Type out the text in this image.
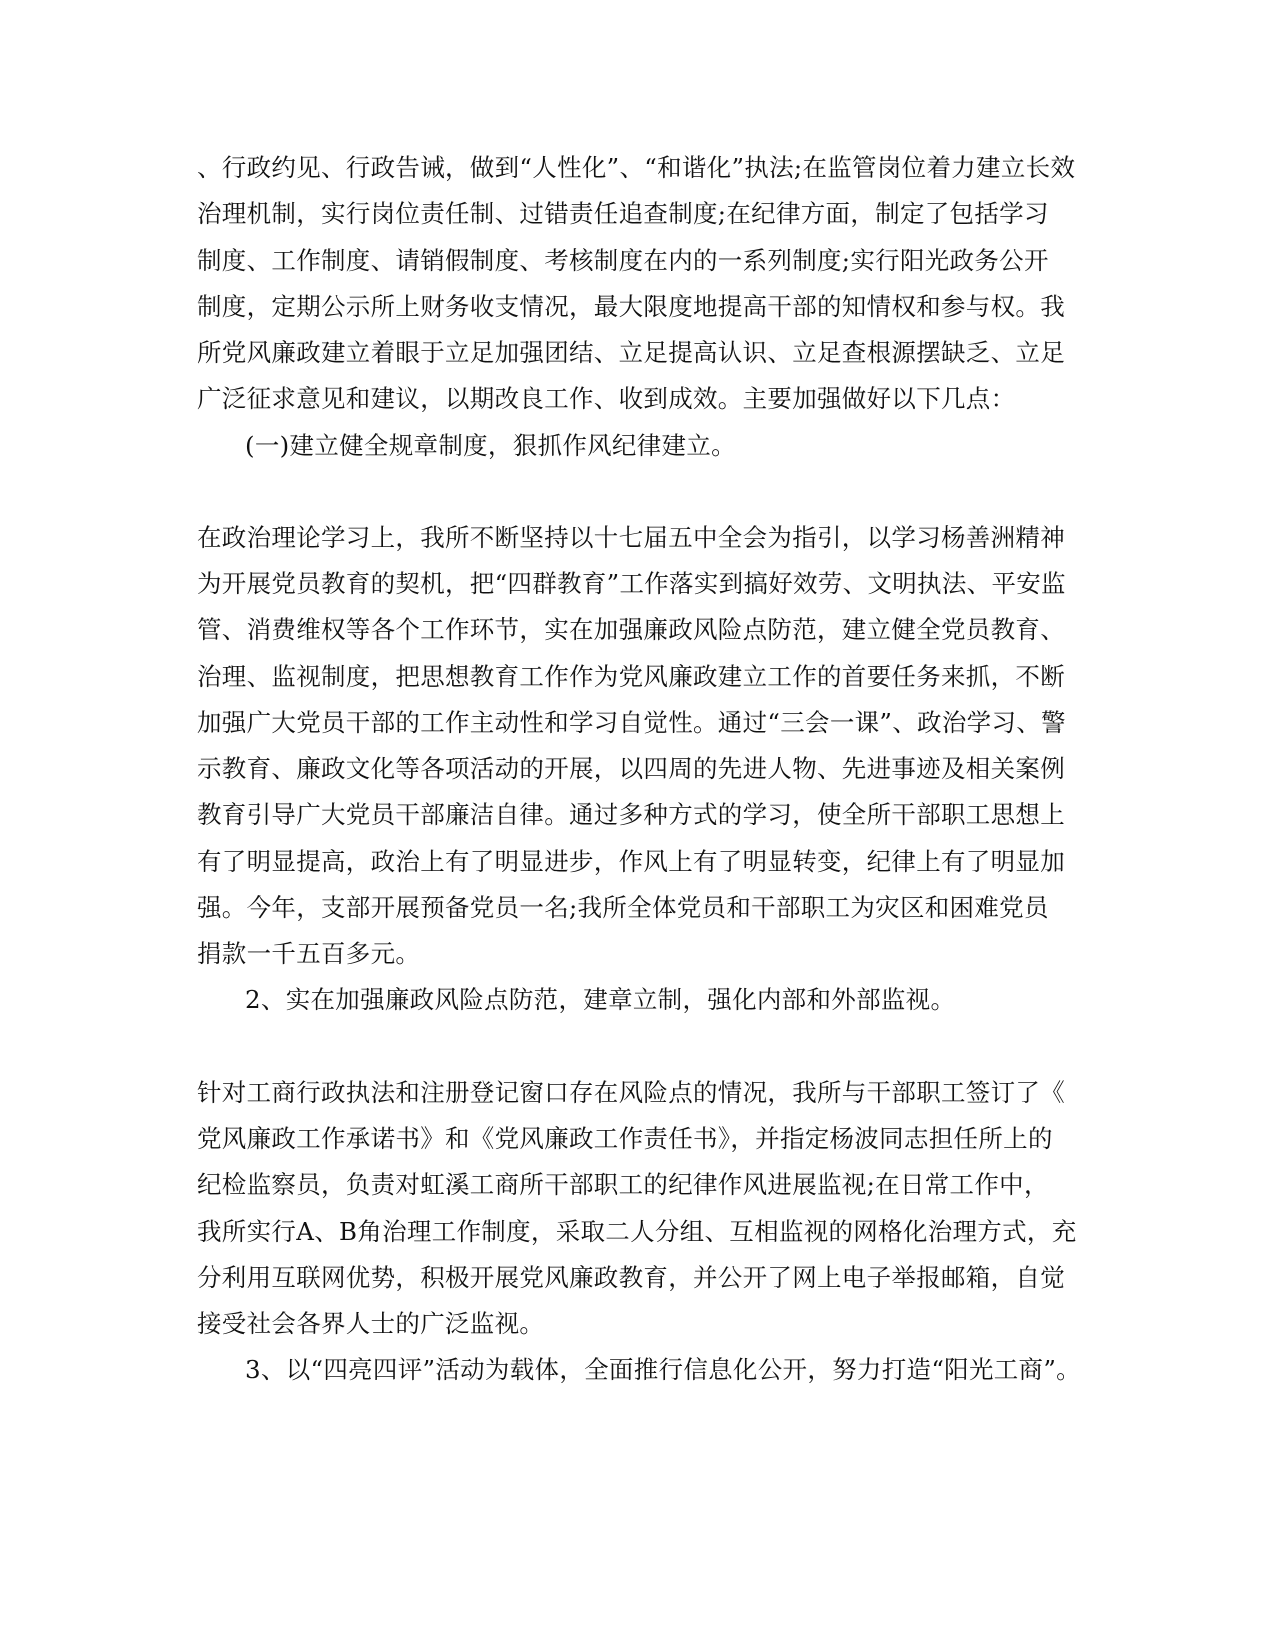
、行政约见、行政告诫，做到“人性化”、“和谐化”执法;在监管岗位着力建立长效
治理机制，实行岗位责任制、过错责任追查制度;在纪律方面，制定了包括学习
制度、工作制度、请销假制度、考核制度在内的一系列制度;实行阳光政务公开
制度，定期公示所上财务收支情况，最大限度地提高干部的知情权和参与权。我
所党风廉政建立着眼于立足加强团结、立足提高认识、立足查根源摆缺乏、立足
广泛征求意见和建议，以期改良工作、收到成效。主要加强做好以下几点：
(一)建立健全规章制度，狠抓作风纪律建立。
在政治理论学习上，我所不断坚持以十七届五中全会为指引，以学习杨善洲精神
为开展党员教育的契机，把“四群教育”工作落实到搞好效劳、文明执法、平安监
管、消费维权等各个工作环节，实在加强廉政风险点防范，建立健全党员教育、
治理、监视制度，把思想教育工作作为党风廉政建立工作的首要任务来抓，不断
加强广大党员干部的工作主动性和学习自觉性。通过“三会一课”、政治学习、警
示教育、廉政文化等各项活动的开展，以四周的先进人物、先进事迹及相关案例
教育引导广大党员干部廉洁自律。通过多种方式的学习，使全所干部职工思想上
有了明显提高，政治上有了明显进步，作风上有了明显转变，纪律上有了明显加
强。今年，支部开展预备党员一名;我所全体党员和干部职工为灾区和困难党员
捐款一千五百多元。
2、实在加强廉政风险点防范，建章立制，强化内部和外部监视。
针对工商行政执法和注册登记窗口存在风险点的情况，我所与干部职工签订了《
党风廉政工作承诺书》和《党风廉政工作责任书》，并指定杨波同志担任所上的
纪检监察员，负责对虹溪工商所干部职工的纪律作风进展监视;在日常工作中，
我所实行A、B角治理工作制度，采取二人分组、互相监视的网格化治理方式，充
分利用互联网优势，积极开展党风廉政教育，并公开了网上电子举报邮箱，自觉
接受社会各界人士的广泛监视。
3、以“四亮四评”活动为载体，全面推行信息化公开，努力打造“阳光工商”。
